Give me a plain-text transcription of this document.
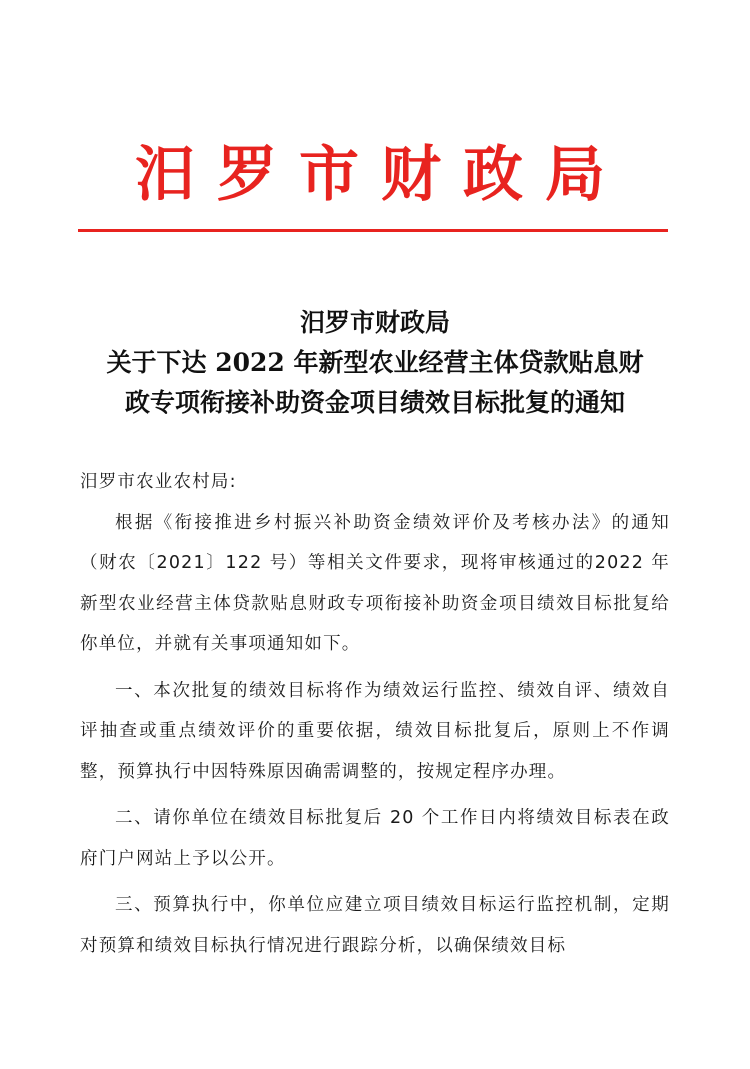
汨罗市财政局
汨罗市财政局
关于下达 2022 年新型农业经营主体贷款贴息财
政专项衔接补助资金项目绩效目标批复的通知

汨罗市农业农村局:

根据《衔接推进乡村振兴补助资金绩效评价及考核办法》的通知（财农〔2021〕122 号）等相关文件要求，现将审核通过的2022 年新型农业经营主体贷款贴息财政专项衔接补助资金项目绩效目标批复给你单位，并就有关事项通知如下。

一、本次批复的绩效目标将作为绩效运行监控、绩效自评、绩效自评抽查或重点绩效评价的重要依据，绩效目标批复后，原则上不作调整，预算执行中因特殊原因确需调整的，按规定程序办理。

二、请你单位在绩效目标批复后 20 个工作日内将绩效目标表在政府门户网站上予以公开。

三、预算执行中，你单位应建立项目绩效目标运行监控机制，定期对预算和绩效目标执行情况进行跟踪分析，以确保绩效目标
